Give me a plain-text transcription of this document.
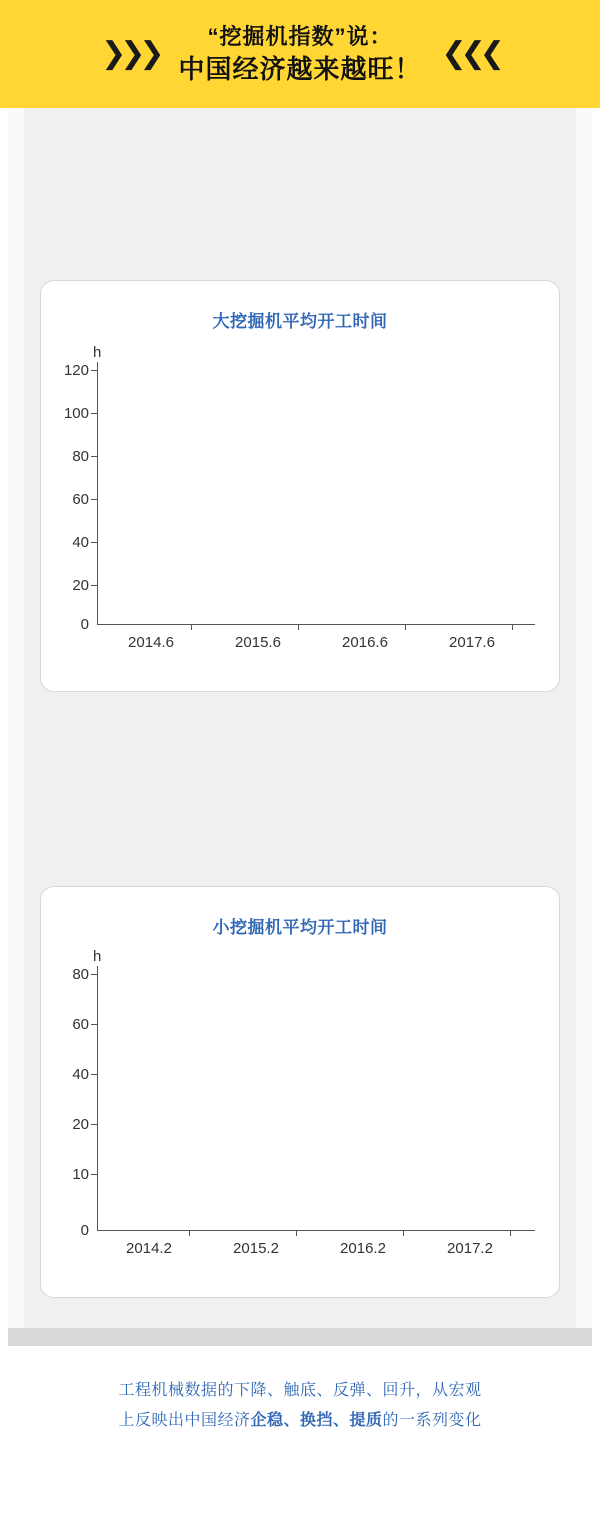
❯❯❯	“挖掘机指数”说：
中国经济越来越旺！ ❮❮❮
大挖掘机平均开工时间
h
120
100
80
60
40
20
0
2014.6	2015.6	2016.6	2017.6
小挖掘机平均开工时间
h
80
60
40
20
10
0
2014.2	2015.2	2016.2	2017.2
工程机械数据的下降、触底、反弹、回升，从宏观
上反映出中国经济企稳、换挡、提质的一系列变化
